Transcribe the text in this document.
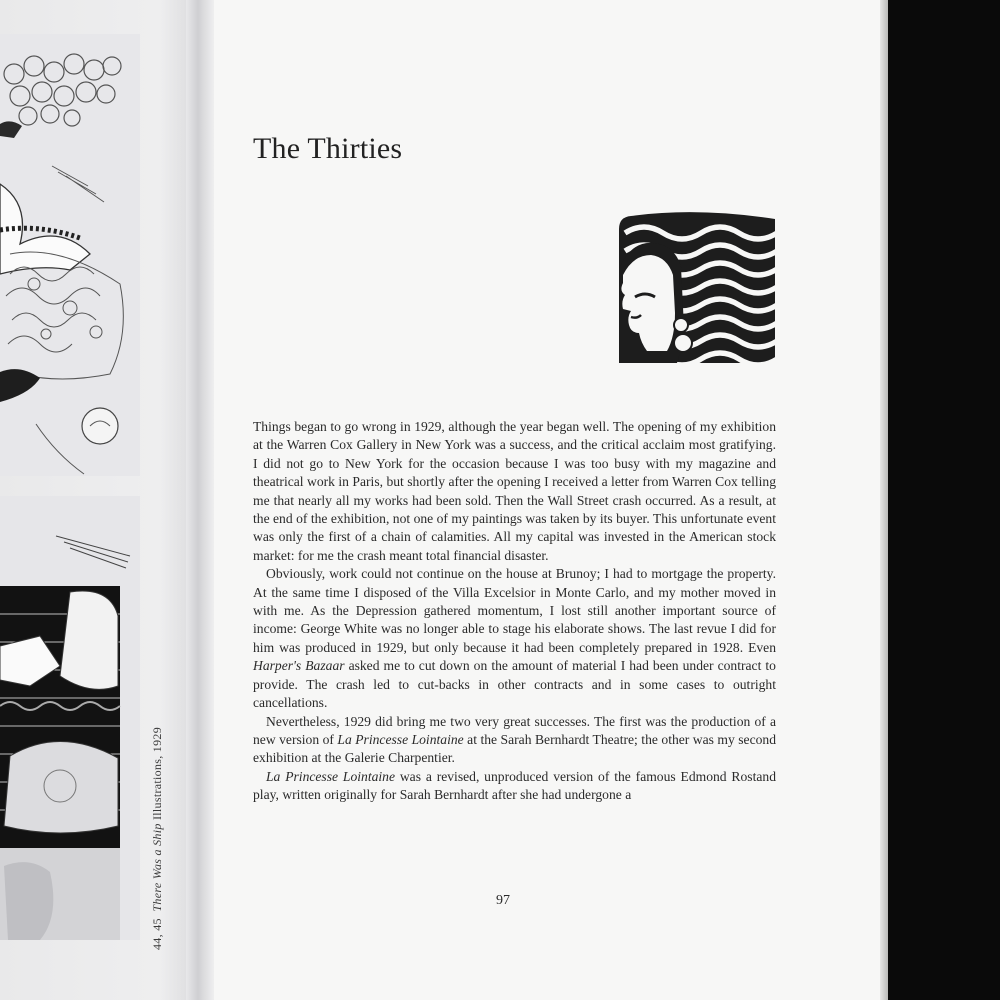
44, 45  There Was a Ship Illustrations, 1929
The Thirties

Things began to go wrong in 1929, although the year began well. The opening of my exhibition at the Warren Cox Gallery in New York was a success, and the critical acclaim most gratifying. I did not go to New York for the occasion because I was too busy with my magazine and theatrical work in Paris, but shortly after the opening I received a letter from Warren Cox telling me that nearly all my works had been sold. Then the Wall Street crash occurred. As a result, at the end of the exhibition, not one of my paintings was taken by its buyer. This unfortunate event was only the first of a chain of calamities. All my capital was invested in the American stock market: for me the crash meant total financial disaster.

Obviously, work could not continue on the house at Brunoy; I had to mortgage the property. At the same time I disposed of the Villa Excelsior in Monte Carlo, and my mother moved in with me. As the Depression gathered momentum, I lost still another important source of income: George White was no longer able to stage his elaborate shows. The last revue I did for him was produced in 1929, but only because it had been completely prepared in 1928. Even Harper's Bazaar asked me to cut down on the amount of material I had been under contract to provide. The crash led to cut-backs in other contracts and in some cases to outright cancellations.

Nevertheless, 1929 did bring me two very great successes. The first was the production of a new version of La Princesse Lointaine at the Sarah Bernhardt Theatre; the other was my second exhibition at the Galerie Charpentier.

La Princesse Lointaine was a revised, unproduced version of the famous Edmond Rostand play, written originally for Sarah Bernhardt after she had undergone a

97
